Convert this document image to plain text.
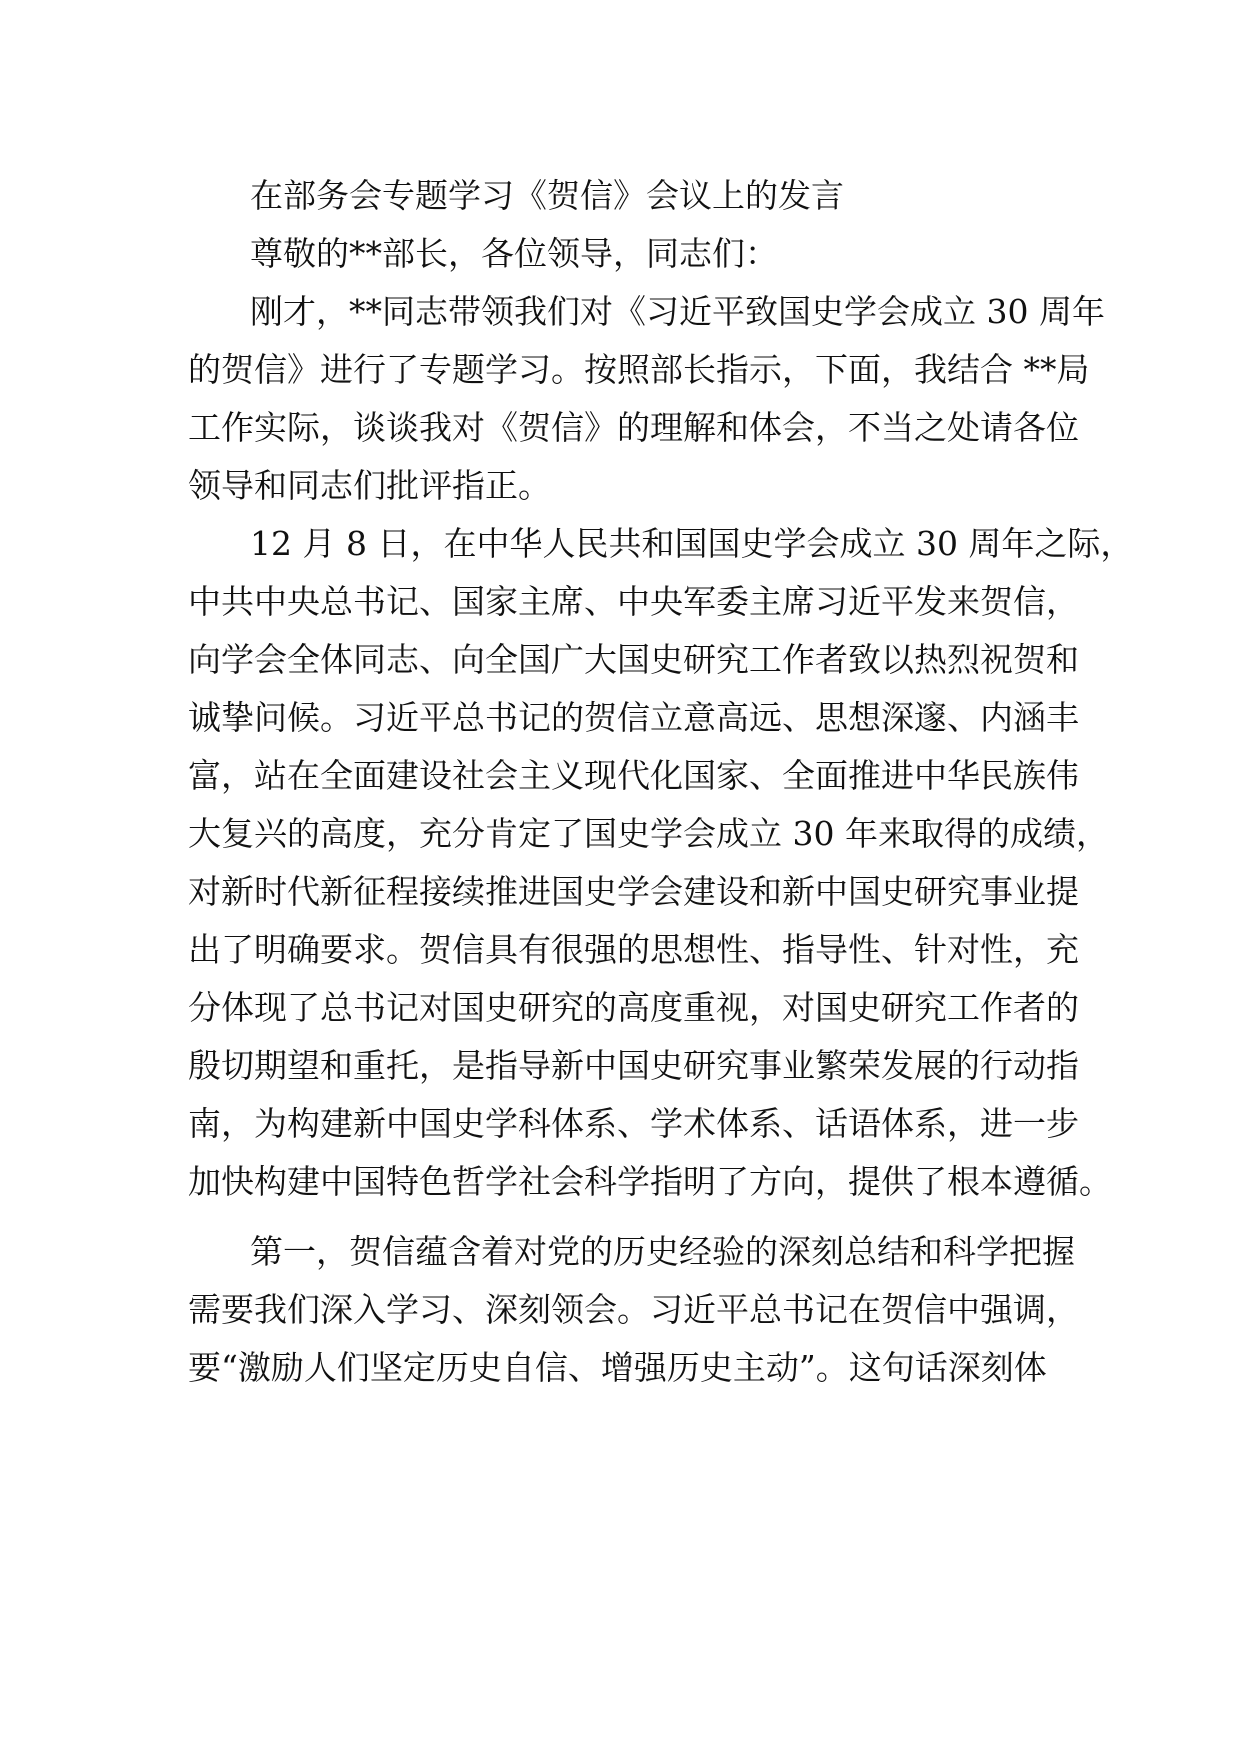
在部务会专题学习《贺信》会议上的发言
尊敬的**部长，各位领导，同志们：
刚才，**同志带领我们对《习近平致国史学会成立 30 周年
的贺信》进行了专题学习。按照部长指示，下面，我结合 **局
工作实际，谈谈我对《贺信》的理解和体会，不当之处请各位
领导和同志们批评指正。
12 月 8 日，在中华人民共和国国史学会成立 30 周年之际，
中共中央总书记、国家主席、中央军委主席习近平发来贺信，
向学会全体同志、向全国广大国史研究工作者致以热烈祝贺和
诚挚问候。习近平总书记的贺信立意高远、思想深邃、内涵丰
富，站在全面建设社会主义现代化国家、全面推进中华民族伟
大复兴的高度，充分肯定了国史学会成立 30 年来取得的成绩，
对新时代新征程接续推进国史学会建设和新中国史研究事业提
出了明确要求。贺信具有很强的思想性、指导性、针对性，充
分体现了总书记对国史研究的高度重视，对国史研究工作者的
殷切期望和重托，是指导新中国史研究事业繁荣发展的行动指
南，为构建新中国史学科体系、学术体系、话语体系，进一步
加快构建中国特色哲学社会科学指明了方向，提供了根本遵循。
第一，贺信蕴含着对党的历史经验的深刻总结和科学把握
需要我们深入学习、深刻领会。习近平总书记在贺信中强调，
要“激励人们坚定历史自信、增强历史主动”。这句话深刻体
